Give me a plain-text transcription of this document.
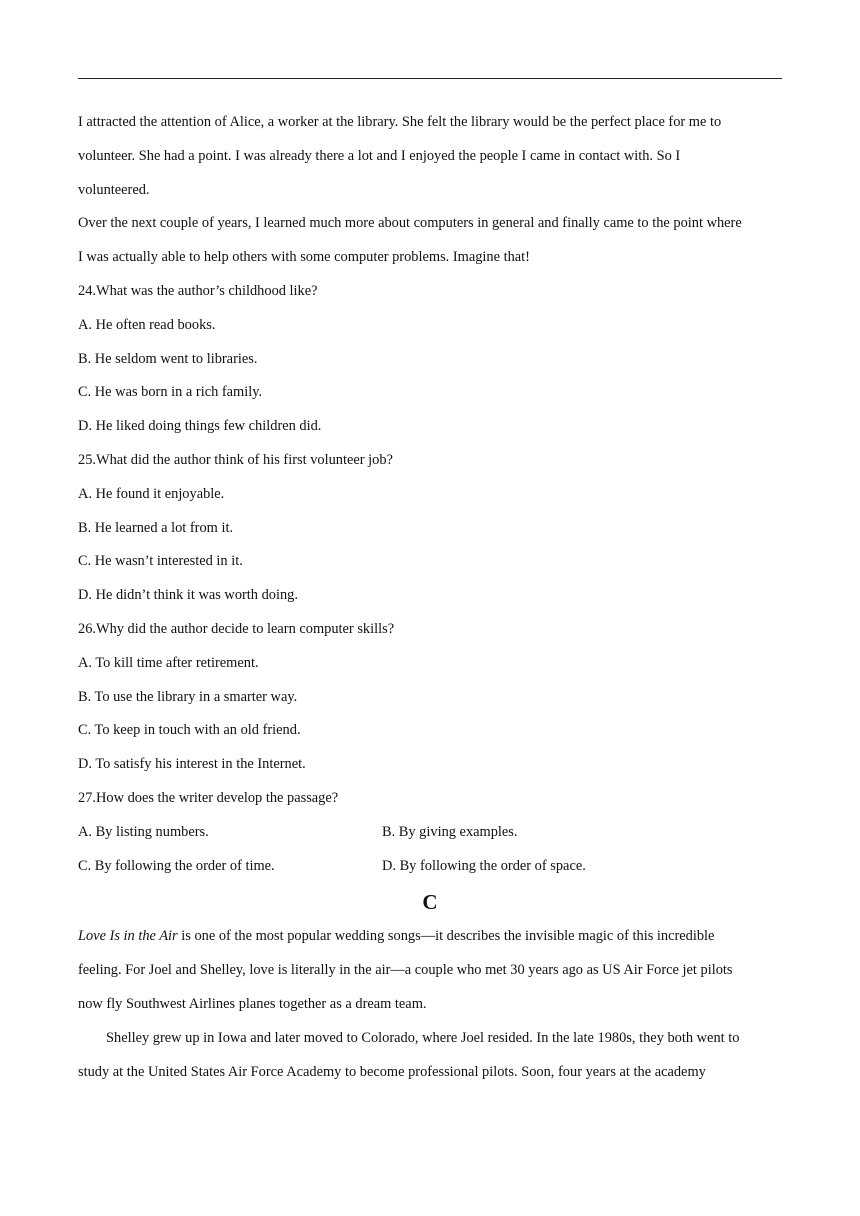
I attracted the attention of Alice, a worker at the library. She felt the library would be the perfect place for me to
volunteer. She had a point. I was already there a lot and I enjoyed the people I came in contact with. So I
volunteered.
Over the next couple of years, I learned much more about computers in general and finally came to the point where
I was actually able to help others with some computer problems. Imagine that!
24.What was the author’s childhood like?
A. He often read books.
B. He seldom went to libraries.
C. He was born in a rich family.
D. He liked doing things few children did.
25.What did the author think of his first volunteer job?
A. He found it enjoyable.
B. He learned a lot from it.
C. He wasn’t interested in it.
D. He didn’t think it was worth doing.
26.Why did the author decide to learn computer skills?
A. To kill time after retirement.
B. To use the library in a smarter way.
C. To keep in touch with an old friend.
D. To satisfy his interest in the Internet.
27.How does the writer develop the passage?
A. By listing numbers.	B. By giving examples.
C. By following the order of time.	D. By following the order of space.
C
Love Is in the Air is one of the most popular wedding songs—it describes the invisible magic of this incredible
feeling. For Joel and Shelley, love is literally in the air—a couple who met 30 years ago as US Air Force jet pilots
now fly Southwest Airlines planes together as a dream team.
Shelley grew up in Iowa and later moved to Colorado, where Joel resided. In the late 1980s, they both went to
study at the United States Air Force Academy to become professional pilots. Soon, four years at the academy
